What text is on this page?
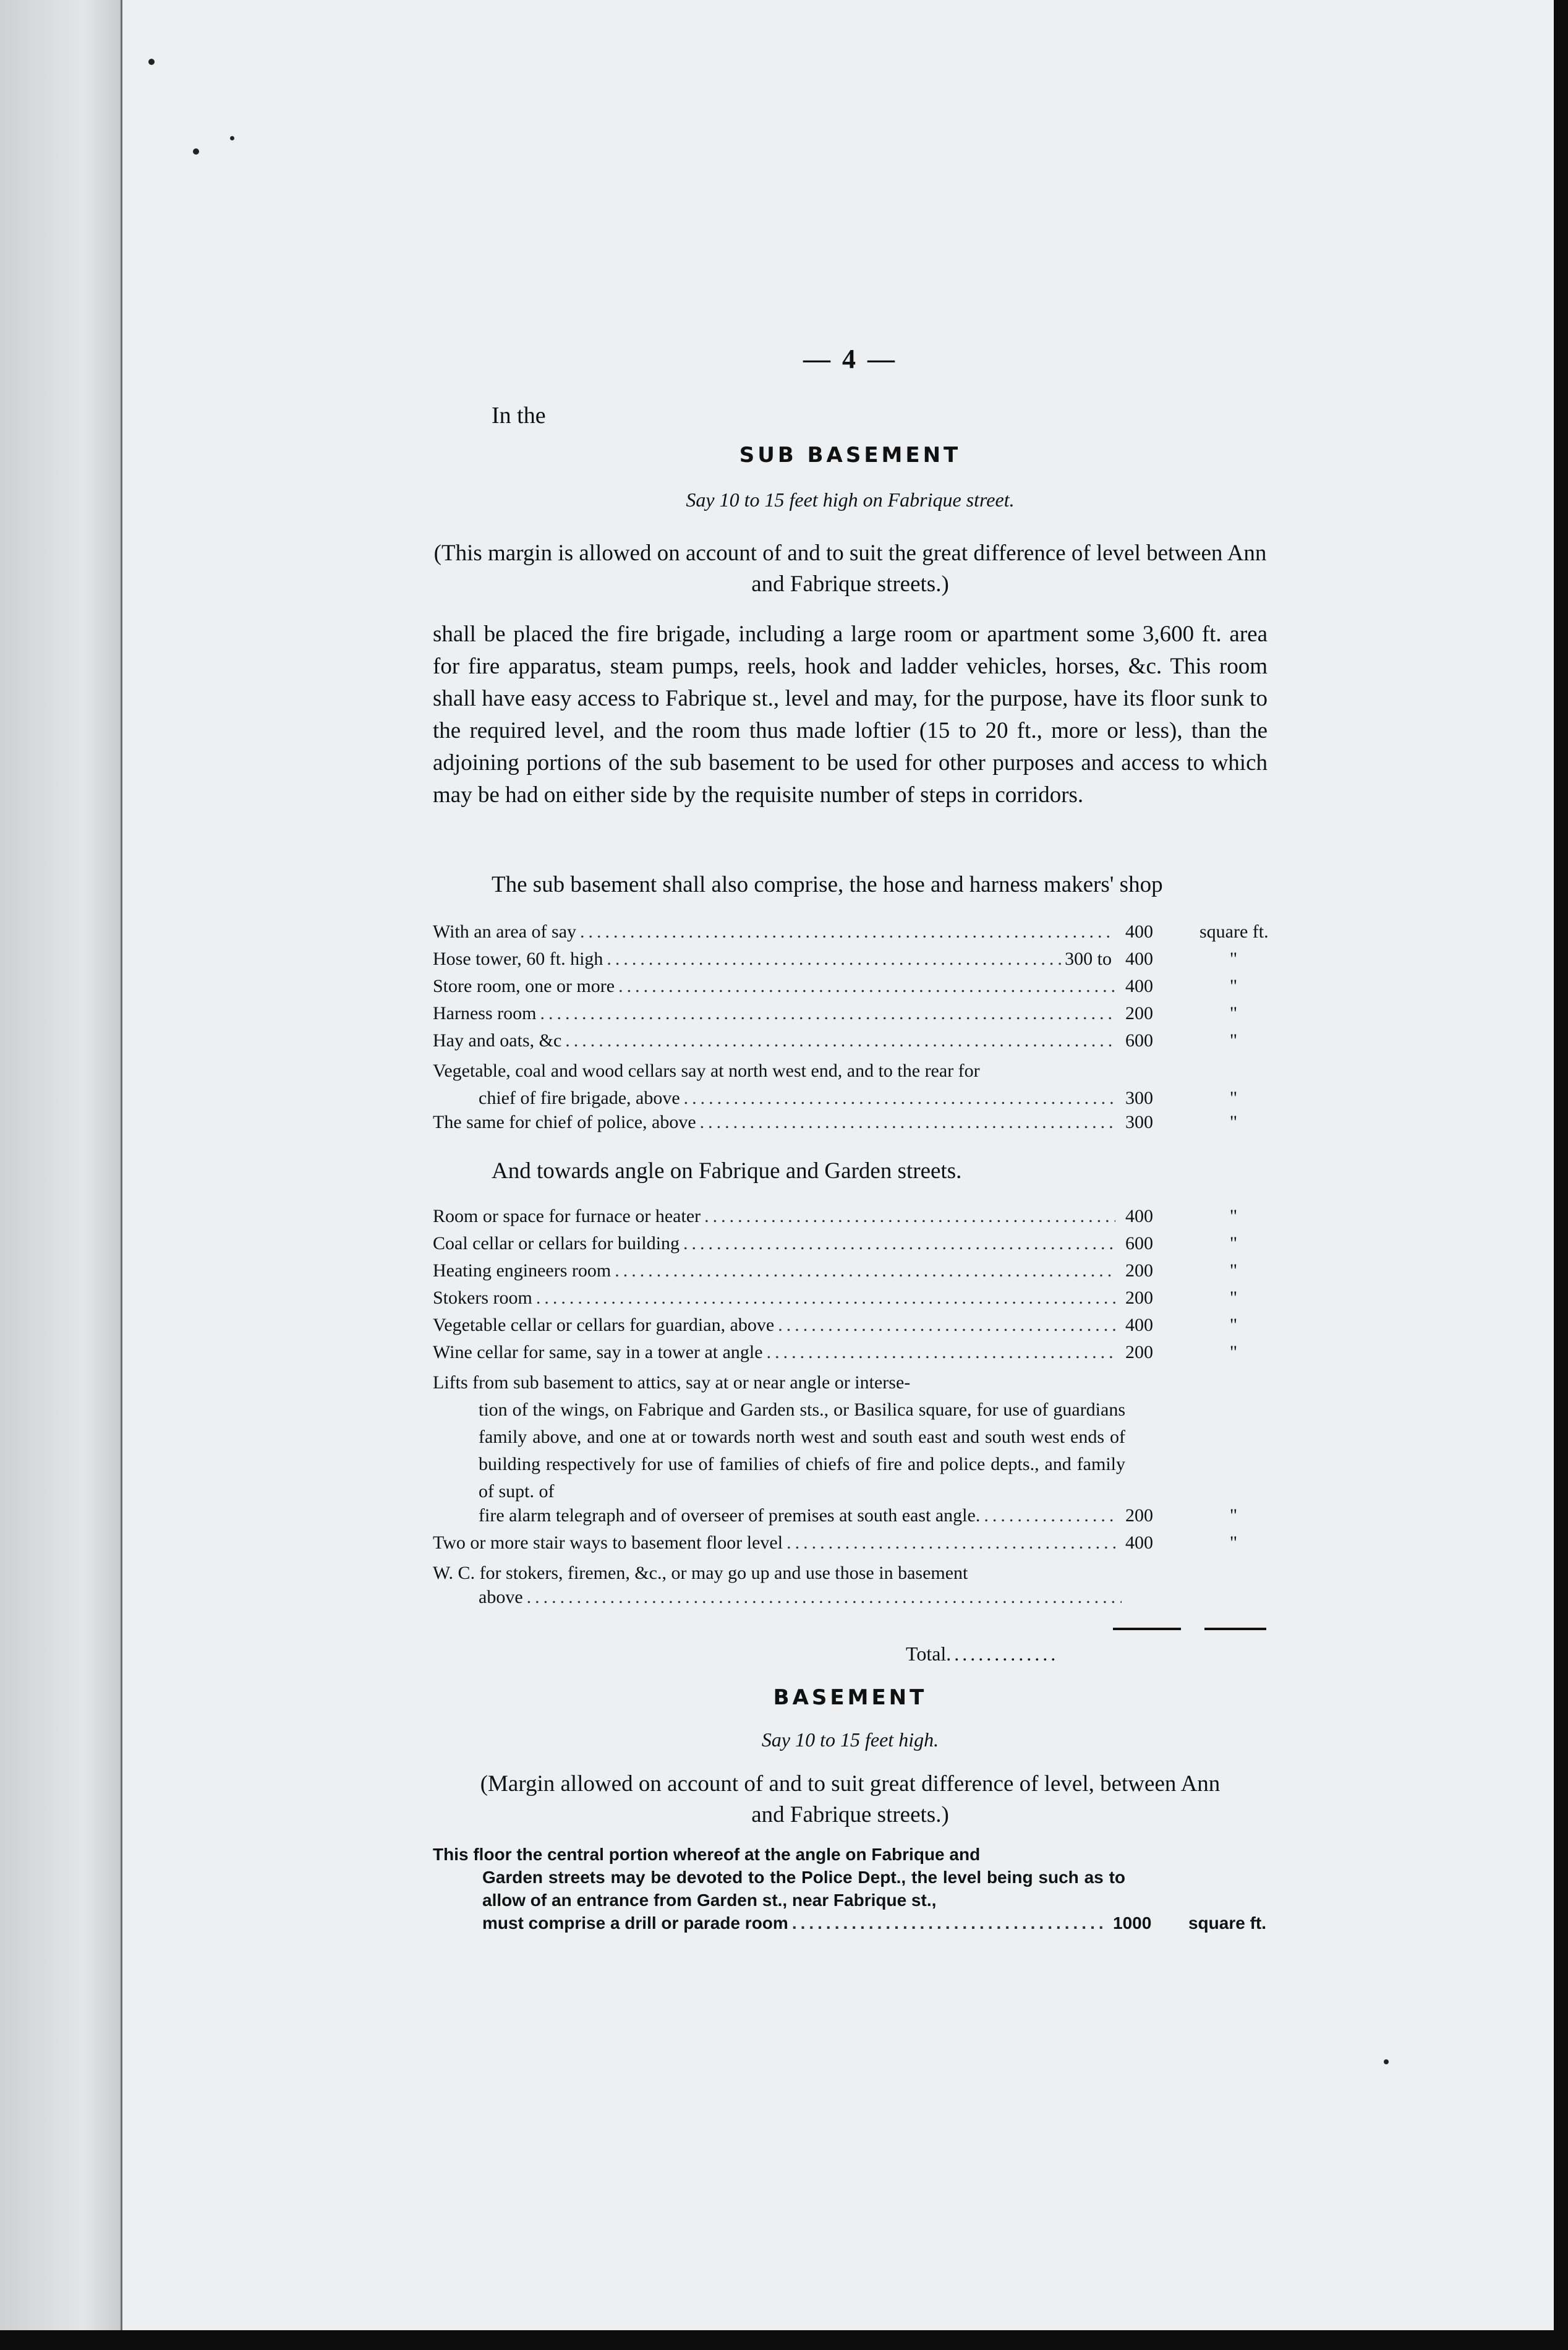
— 4 —
In the
SUB BASEMENT
Say 10 to 15 feet high on Fabrique street.
(This margin is allowed on account of and to suit the great difference of level between Ann and Fabrique streets.)
shall be placed the fire brigade, including a large room or apartment some 3,600 ft. area for fire apparatus, steam pumps, reels, hook and ladder vehicles, horses, &c. This room shall have easy access to Fabrique st., level and may, for the purpose, have its floor sunk to the required level, and the room thus made loftier (15 to 20 ft., more or less), than the adjoining portions of the sub basement to be used for other purposes and access to which may be had on either side by the requisite number of steps in corridors.
The sub basement shall also comprise, the hose and harness makers' shop
With an area of say .....	400	square ft.
Hose tower, 60 ft. high .....	300 to 400	"
Store room, one or more .....	400	"
Harness room .....	200	"
Hay and oats, &c .....	600	"
Vegetable, coal and wood cellars say at north west end, and to the rear for
chief of fire brigade, above .....	300	"
The same for chief of police, above .....	300	"
And towards angle on Fabrique and Garden streets.
Room or space for furnace or heater .....	400	"
Coal cellar or cellars for building .....	600	"
Heating engineers room .....	200	"
Stokers room .....	200	"
Vegetable cellar or cellars for guardian, above .....	400	"
Wine cellar for same, say in a tower at angle .....	200	"
Lifts from sub basement to attics, say at or near angle or interse-
tion of the wings, on Fabrique and Garden sts., or Basilica square, for use of guardians family above, and one at or towards north west and south east and south west ends of building respectively for use of families of chiefs of fire and police depts., and family of supt. of
fire alarm telegraph and of overseer of premises at south east angle. .....	200	"
Two or more stair ways to basement floor level .....	400	"
W. C. for stokers, firemen, &c., or may go up and use those in basement
above
.....
Total..............
BASEMENT
Say 10 to 15 feet high.
(Margin allowed on account of and to suit great difference of level, between Ann and Fabrique streets.)
This floor the central portion whereof at the angle on Fabrique and
Garden streets may be devoted to the Police Dept., the level being such as to allow of an entrance from Garden st., near Fabrique st.,
must comprise a drill or parade room .....	1000	square ft.
